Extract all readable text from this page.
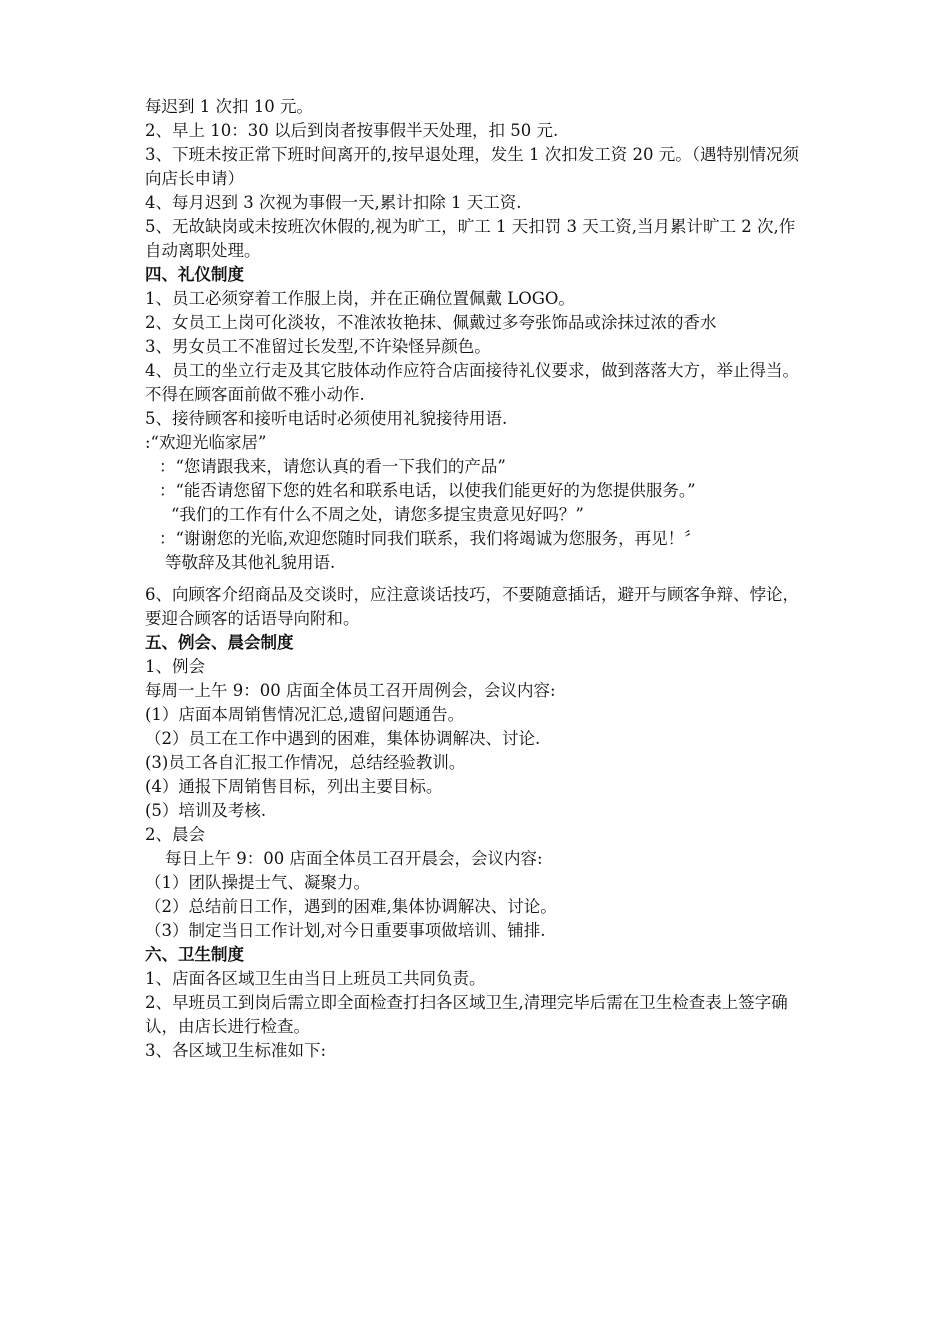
每迟到 1 次扣 10 元。

2、早上 10：30 以后到岗者按事假半天处理，扣 50 元.

3、下班未按正常下班时间离开的,按早退处理，发生 1 次扣发工资 20 元。（遇特别情况须向店长申请）

4、每月迟到 3 次视为事假一天,累计扣除 1 天工资.

5、无故缺岗或未按班次休假的,视为旷工，旷工 1 天扣罚 3 天工资,当月累计旷工 2 次,作自动离职处理。

四、礼仪制度

1、员工必须穿着工作服上岗，并在正确位置佩戴 LOGO。

2、女员工上岗可化淡妆，不准浓妆艳抹、佩戴过多夸张饰品或涂抹过浓的香水

3、男女员工不准留过长发型,不许染怪异颜色。

4、员工的坐立行走及其它肢体动作应符合店面接待礼仪要求，做到落落大方，举止得当。不得在顾客面前做不雅小动作.

5、接待顾客和接听电话时必须使用礼貌接待用语.

:“欢迎光临家居”

：“您请跟我来，请您认真的看一下我们的产品”

：“能否请您留下您的姓名和联系电话，以使我们能更好的为您提供服务。”

“我们的工作有什么不周之处，请您多提宝贵意见好吗？”

：“谢谢您的光临,欢迎您随时同我们联系，我们将竭诚为您服务，再见！〞

等敬辞及其他礼貌用语.

6、向顾客介绍商品及交谈时，应注意谈话技巧，不要随意插话，避开与顾客争辩、悖论，要迎合顾客的话语导向附和。

五、例会、晨会制度

1、例会

每周一上午 9：00 店面全体员工召开周例会，会议内容:

(1）店面本周销售情况汇总,遗留问题通告。

（2）员工在工作中遇到的困难，集体协调解决、讨论.

(3)员工各自汇报工作情况，总结经验教训。

(4）通报下周销售目标，列出主要目标。

(5）培训及考核.

2、晨会

每日上午 9：00 店面全体员工召开晨会，会议内容:

（1）团队操提士气、凝聚力。

（2）总结前日工作，遇到的困难,集体协调解决、讨论。

（3）制定当日工作计划,对今日重要事项做培训、铺排.

六、卫生制度

1、店面各区域卫生由当日上班员工共同负责。

2、早班员工到岗后需立即全面检查打扫各区域卫生,清理完毕后需在卫生检查表上签字确认，由店长进行检查。

3、各区域卫生标准如下:
